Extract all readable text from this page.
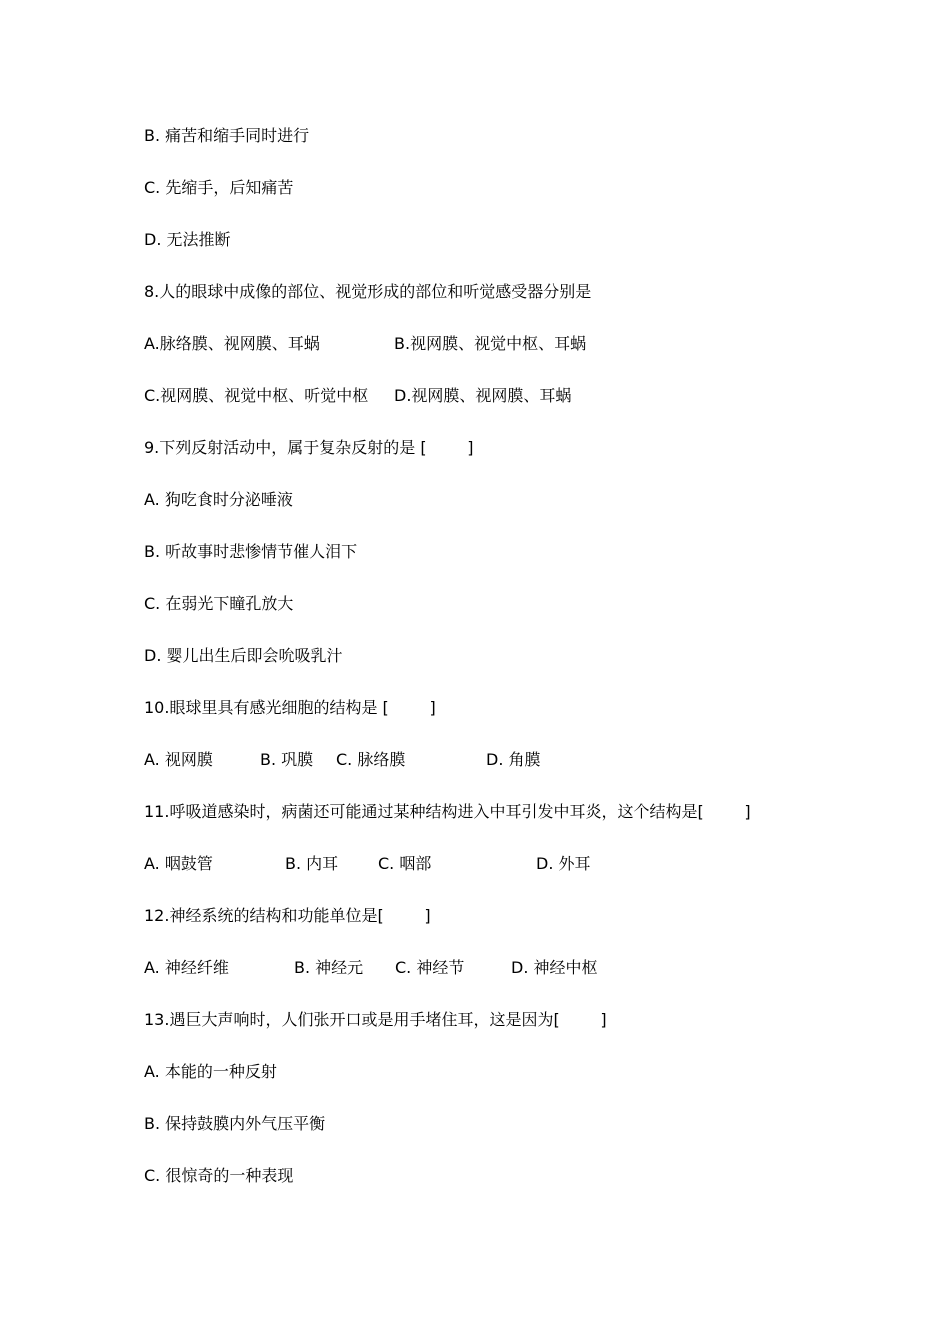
B. 痛苦和缩手同时进行
C. 先缩手，后知痛苦
D. 无法推断
8.人的眼球中成像的部位、视觉形成的部位和听觉感受器分别是

A.脉络膜、视网膜、耳蜗

	B.视网膜、视觉中枢、耳蜗

C.视网膜、视觉中枢、听觉中枢

D.视网膜、视网膜、耳蜗

9.下列反射活动中，属于复杂反射的是 [        ]
A. 狗吃食时分泌唾液
B. 听故事时悲惨情节催人泪下
C. 在弱光下瞳孔放大
D. 婴儿出生后即会吮吸乳汁
10.眼球里具有感光细胞的结构是 [        ]

A. 视网膜

	B. 巩膜

C. 脉络膜

	D. 角膜

11.呼吸道感染时，病菌还可能通过某种结构进入中耳引发中耳炎，这个结构是[        ]

A. 咽鼓管

	B. 内耳

C. 咽部

	D. 外耳

12.神经系统的结构和功能单位是[        ]

A. 神经纤维

	B. 神经元

C. 神经节

	D. 神经中枢

13.遇巨大声响时，人们张开口或是用手堵住耳，这是因为[        ]
A. 本能的一种反射
B. 保持鼓膜内外气压平衡
C. 很惊奇的一种表现
